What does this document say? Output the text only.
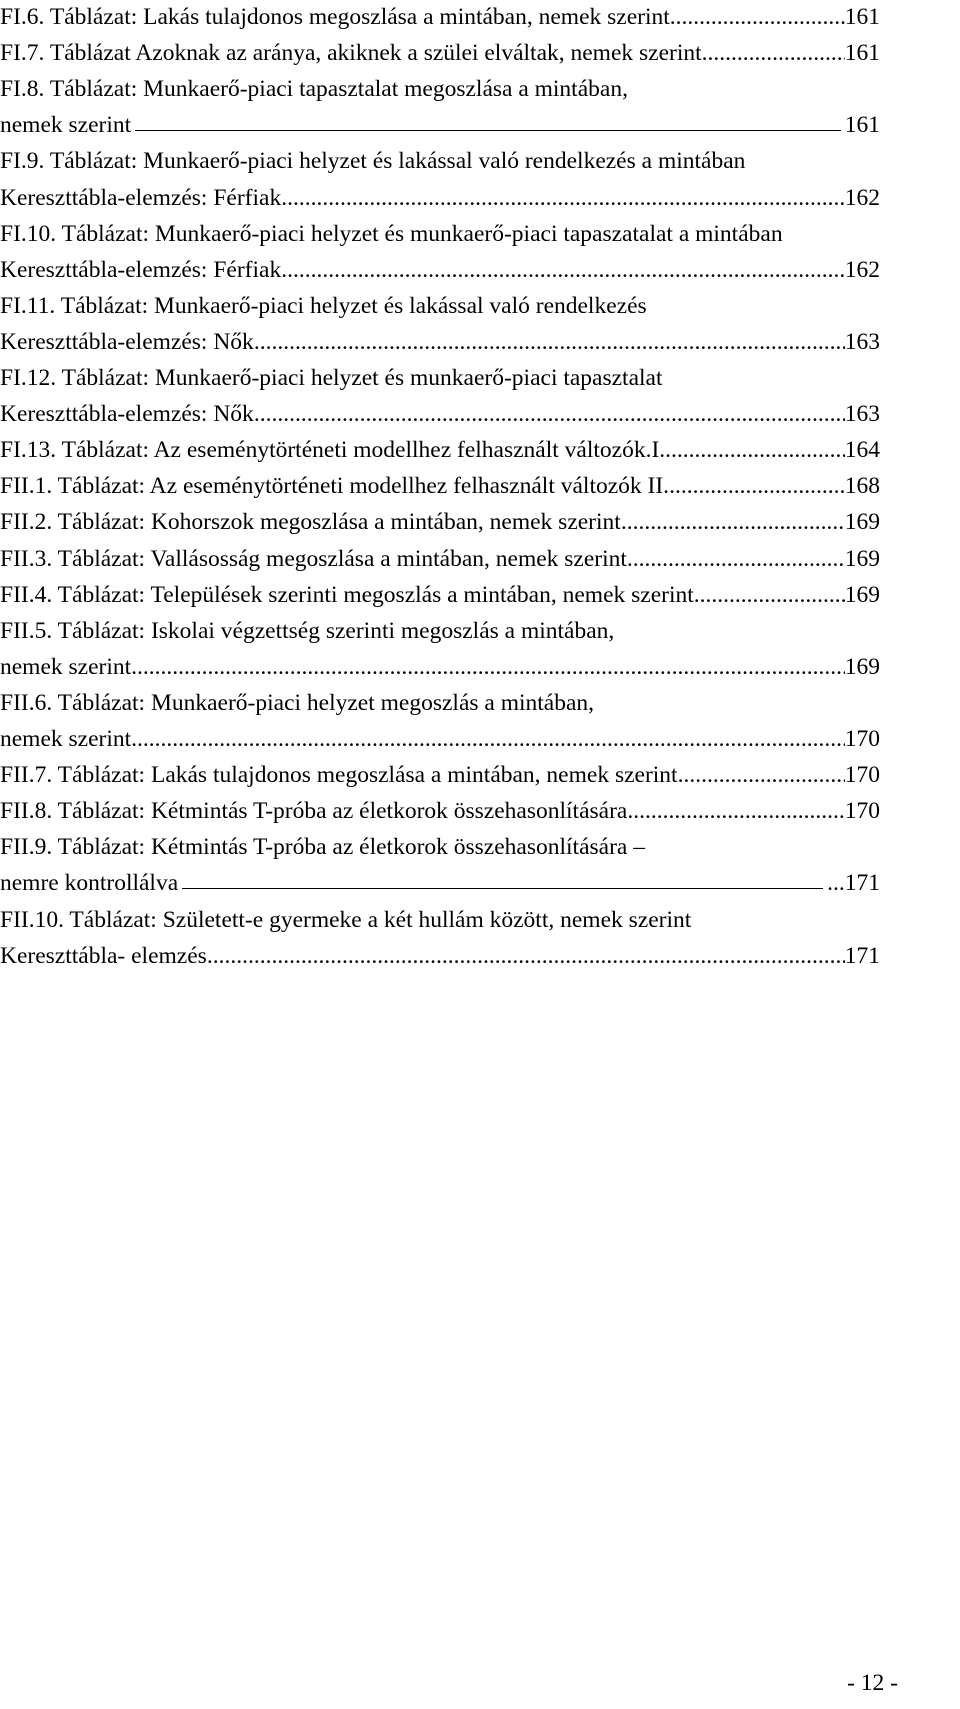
FI.6. Táblázat: Lakás tulajdonos megoszlása a mintában, nemek szerint .....	161
FI.7. Táblázat Azoknak az aránya, akiknek a szülei elváltak, nemek szerint .....	161
FI.8. Táblázat: Munkaerő-piaci tapasztalat megoszlása a mintában,
nemek szerint	161
FI.9. Táblázat: Munkaerő-piaci helyzet és lakással való rendelkezés a mintában
Kereszttábla-elemzés: Férfiak .....	162
FI.10. Táblázat: Munkaerő-piaci helyzet és munkaerő-piaci tapaszatalat a mintában
Kereszttábla-elemzés: Férfiak .....	162
FI.11. Táblázat: Munkaerő-piaci helyzet és lakással való rendelkezés
Kereszttábla-elemzés: Nők .....	163
FI.12. Táblázat: Munkaerő-piaci helyzet és munkaerő-piaci tapasztalat
Kereszttábla-elemzés: Nők .....	163
FI.13. Táblázat: Az eseménytörténeti modellhez felhasznált változók.I. .....	164
FII.1. Táblázat: Az eseménytörténeti modellhez felhasznált változók II. .....	168
FII.2. Táblázat: Kohorszok megoszlása a mintában, nemek szerint .....	169
FII.3. Táblázat: Vallásosság megoszlása a mintában, nemek szerint .....	169
FII.4. Táblázat: Települések szerinti megoszlás a mintában, nemek szerint .....	169
FII.5. Táblázat: Iskolai végzettség szerinti megoszlás a mintában,
nemek szerint .....	169
FII.6. Táblázat: Munkaerő-piaci helyzet megoszlás a mintában,
nemek szerint .....	170
FII.7. Táblázat: Lakás tulajdonos megoszlása a mintában, nemek szerint .....	170
FII.8. Táblázat: Kétmintás T-próba az életkorok összehasonlítására .....	170
FII.9. Táblázat: Kétmintás T-próba az életkorok összehasonlítására –
nemre kontrollálva	...171
FII.10. Táblázat: Született-e gyermeke a két hullám között, nemek szerint
Kereszttábla- elemzés .....	171
- 12 -
